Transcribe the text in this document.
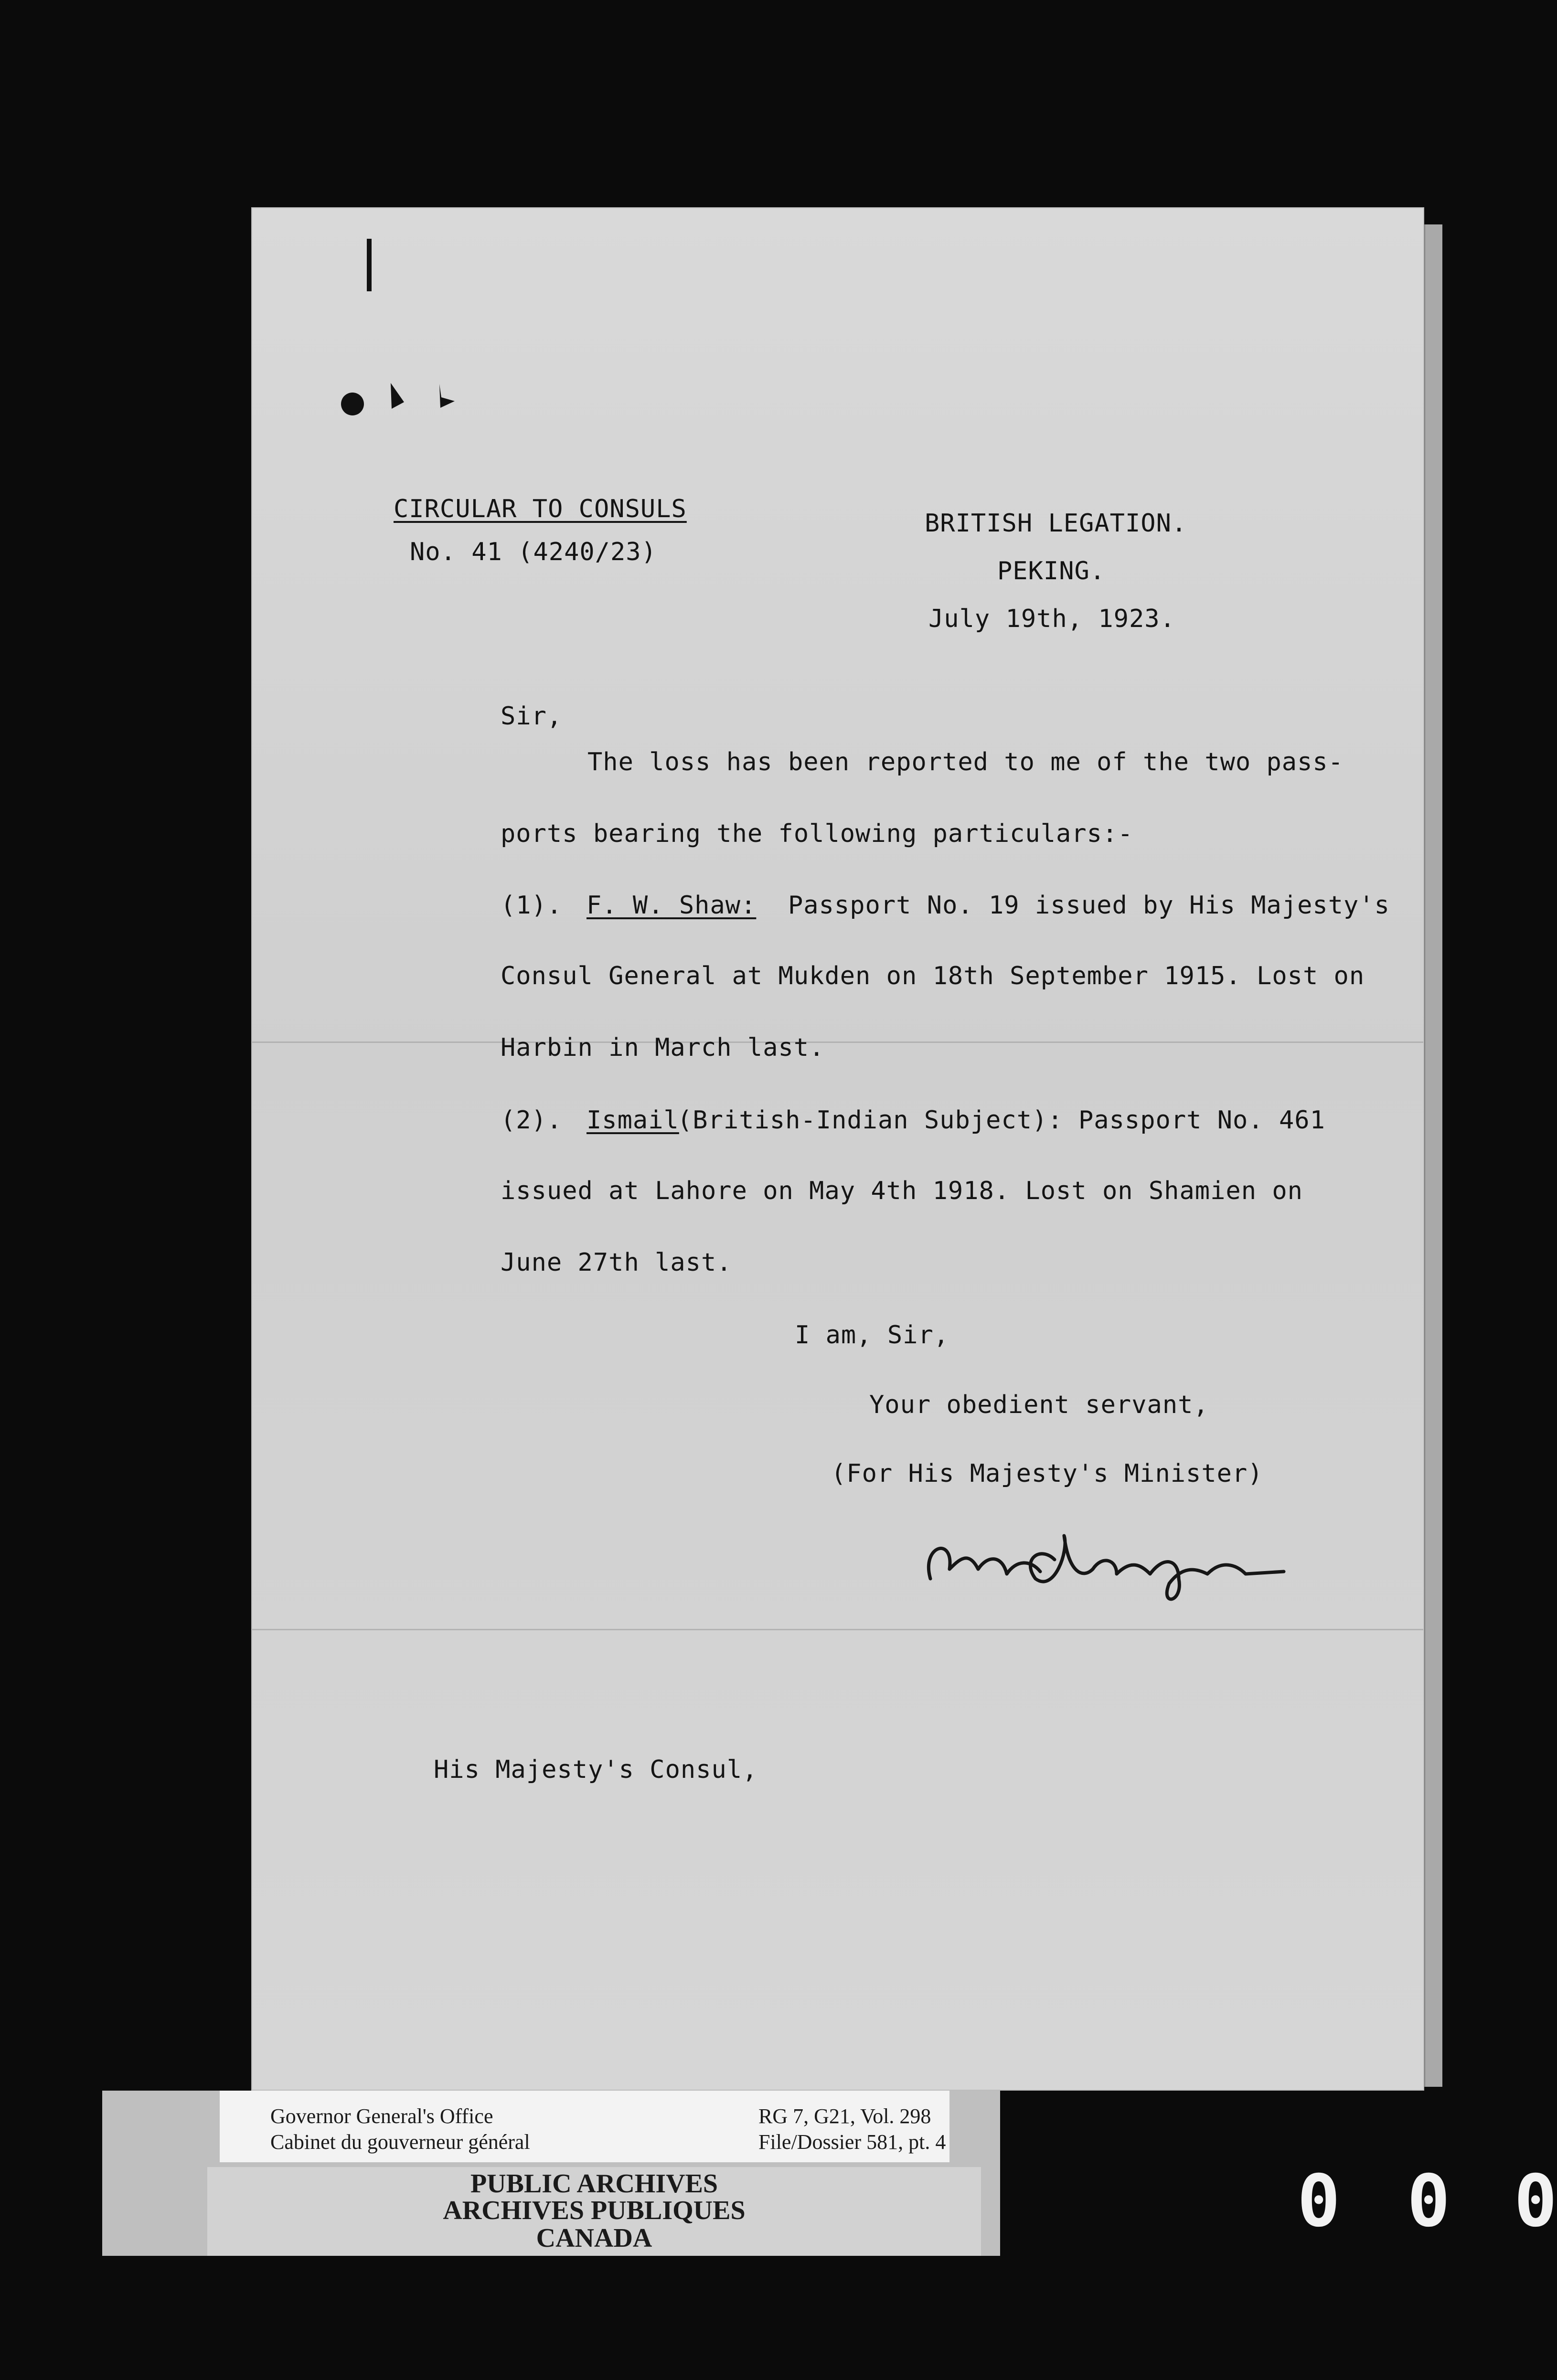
CIRCULAR TO CONSULS
No. 41 (4240/23)
BRITISH LEGATION.
PEKING.
July 19th, 1923.
Sir,
The loss has been reported to me of the two pass-
ports bearing the following particulars:-
(1). F. W. Shaw: Passport No. 19 issued by His Majesty's
Consul General at Mukden on 18th September 1915. Lost on
Harbin in March last.
(2). Ismail
(British-Indian Subject): Passport No. 461
issued at Lahore on May 4th 1918. Lost on Shamien on
June 27th last.
I am, Sir,
Your obedient servant,
(For His Majesty's Minister)
His Majesty's Consul,
Governor General's Office
Cabinet du gouverneur général
RG 7, G21, Vol. 298
File/Dossier 581, pt. 4
PUBLIC ARCHIVES
ARCHIVES PUBLIQUES
CANADA	0 0 0
